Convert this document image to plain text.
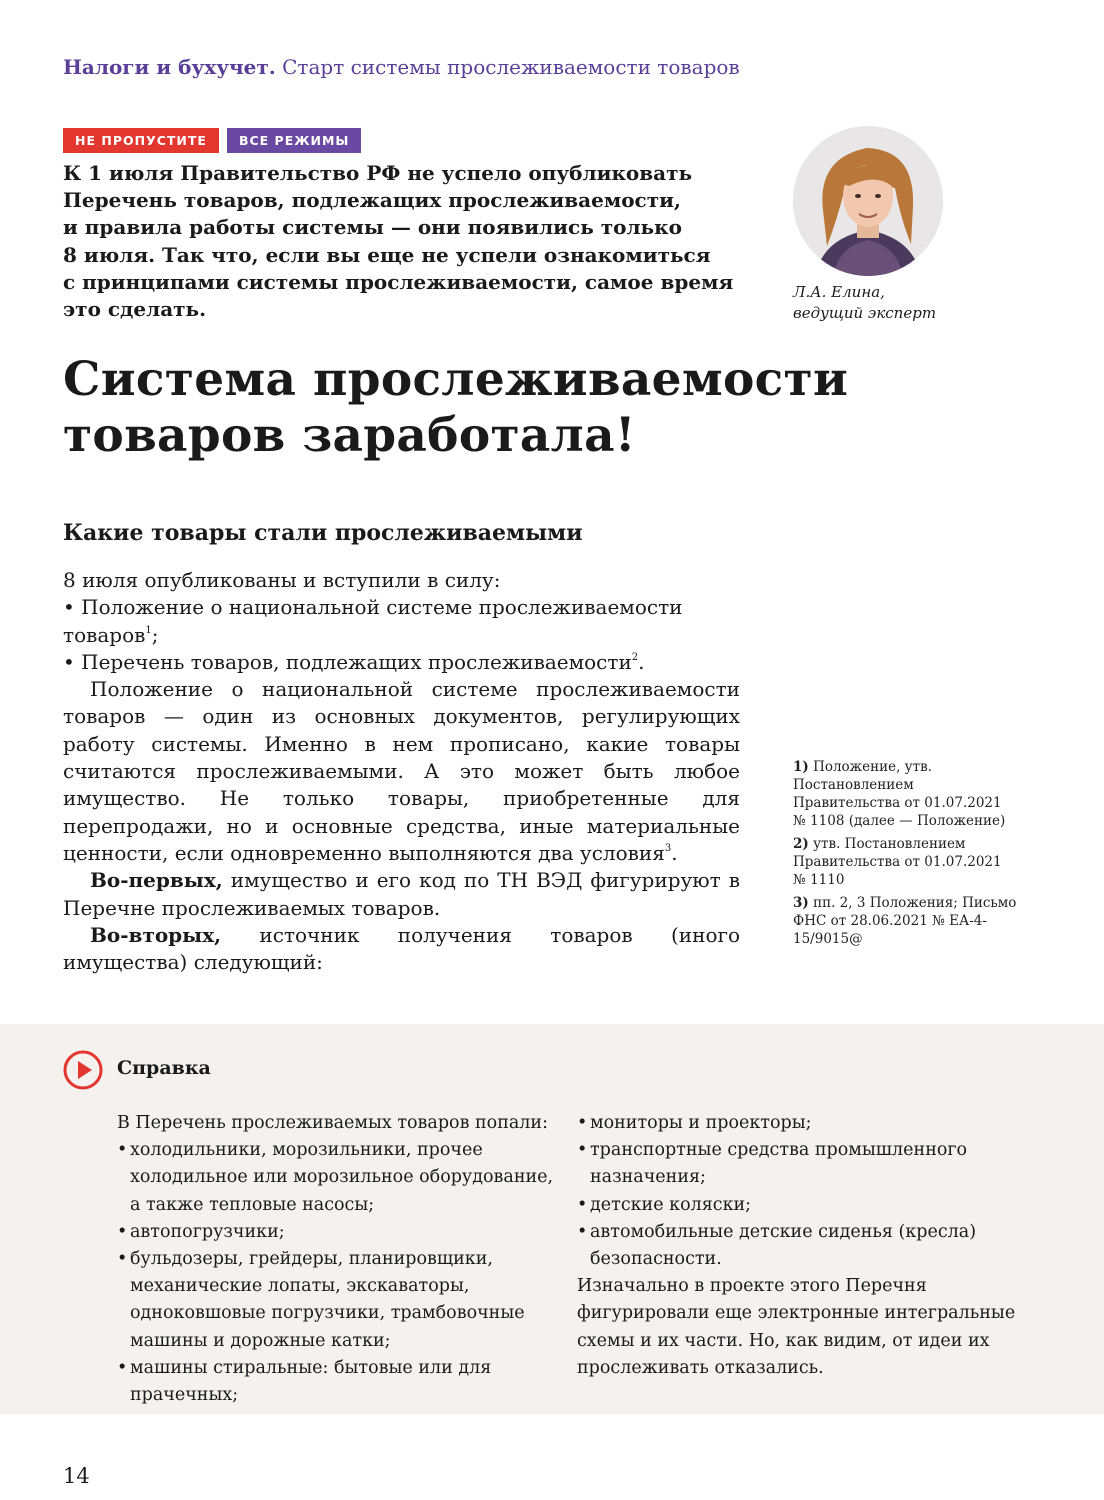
Налоги и бухучет. Старт системы прослеживаемости товаров
НЕ ПРОПУСТИТЕ	ВСЕ РЕЖИМЫ

К 1 июля Правительство РФ не успело опубликовать
Перечень товаров, подлежащих прослеживаемости,
и правила работы системы — они появились только
8 июля. Так что, если вы еще не успели ознакомиться
с принципами системы прослеживаемости, самое время
это сделать.

Л.А. Елина,
ведущий эксперт
Система прослеживаемости
товаров заработала!
Какие товары стали прослеживаемыми

8 июля опубликованы и вступили в силу:

• Положение о национальной системе прослеживаемости товаров$^1$;

• Перечень товаров, подлежащих прослеживаемости$^2$.

Положение о национальной системе прослеживаемости товаров — один из основных документов, регулирующих работу системы. Именно в нем прописано, какие товары считаются прослеживаемыми. А это может быть любое имущество. Не только товары, приобретенные для перепродажи, но и основные средства, иные материальные ценности, если одновременно выполняются два условия$^3$.

Во-первых, имущество и его код по ТН ВЭД фигурируют в Перечне прослеживаемых товаров.

Во-вторых, источник получения товаров (иного имущества) следующий:

1) Положение, утв. Постановлением Правительства от 01.07.2021 № 1108 (далее — Положение)

2) утв. Постановлением Правительства от 01.07.2021 № 1110

3) пп. 2, 3 Положения; Письмо ФНС от 28.06.2021 № ЕА-4-15/9015@

Справка

В Перечень прослеживаемых товаров попали:

• холодильники, морозильники, прочее холодильное или морозильное оборудование, а также тепловые насосы;
• автопогрузчики;
• бульдозеры, грейдеры, планировщики, механические лопаты, экскаваторы, одноковшовые погрузчики, трамбовочные машины и дорожные катки;
• машины стиральные: бытовые или для прачечных;
• мониторы и проекторы;
• транспортные средства промышленного назначения;
• детские коляски;
• автомобильные детские сиденья (кресла) безопасности.

Изначально в проекте этого Перечня фигурировали еще электронные интегральные схемы и их части. Но, как видим, от идеи их прослеживать отказались.

14
